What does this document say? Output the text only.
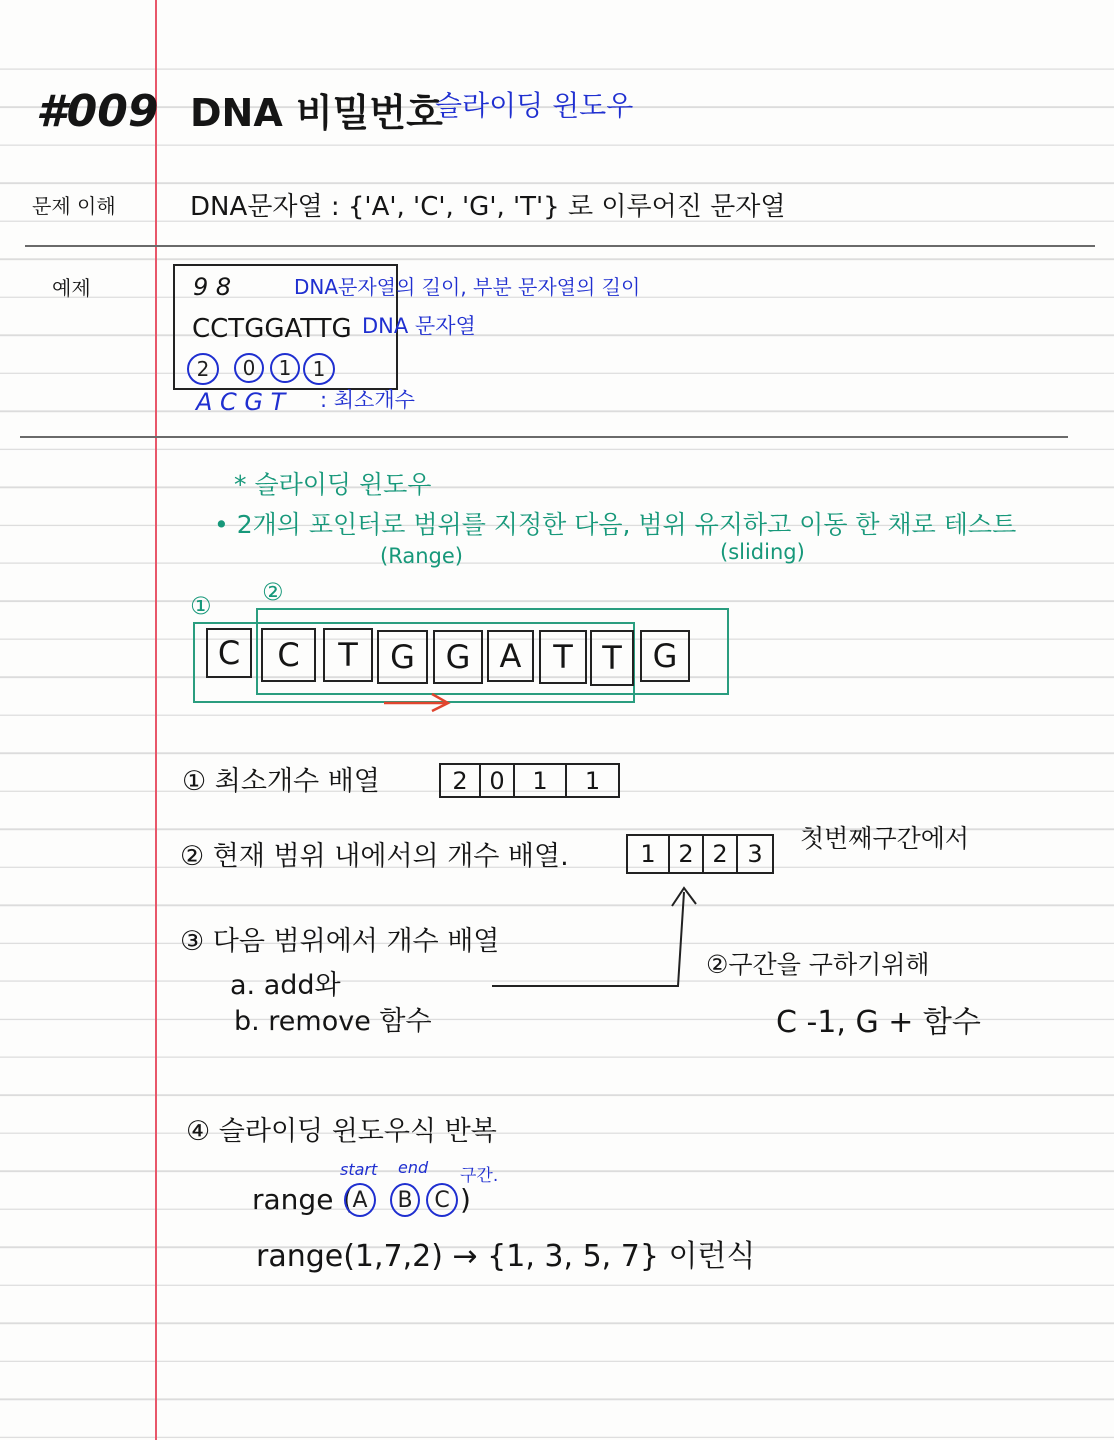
#009 DNA 비밀번호
슬라이딩 윈도우
문제 이해	DNA문자열 : {'A', 'C', 'G', 'T'} 로 이루어진 문자열
예제	9 8	DNA문자열의 길이, 부분 문자열의 길이
CCTGGATTG DNA 문자열
2	0	1	1
A C G T : 최소개수
* 슬라이딩 윈도우
• 2개의 포인터로 범위를 지정한 다음, 범위 유지하고 이동 한 채로 테스트
(Range)	(sliding)
① ②
C	C	T	G G A T T G
① 최소개수 배열	2 0	1	1
② 현재 범위 내에서의 개수 배열.	1 2 2 3
첫번째구간에서
③ 다음 범위에서 개수 배열
a. add와
b. remove 함수
②구간을 구하기위해
C -1, G + 함수
④ 슬라이딩 윈도우식 반복
start end 구간.
range ( A	B C )
range(1,7,2) → {1, 3, 5, 7} 이런식
